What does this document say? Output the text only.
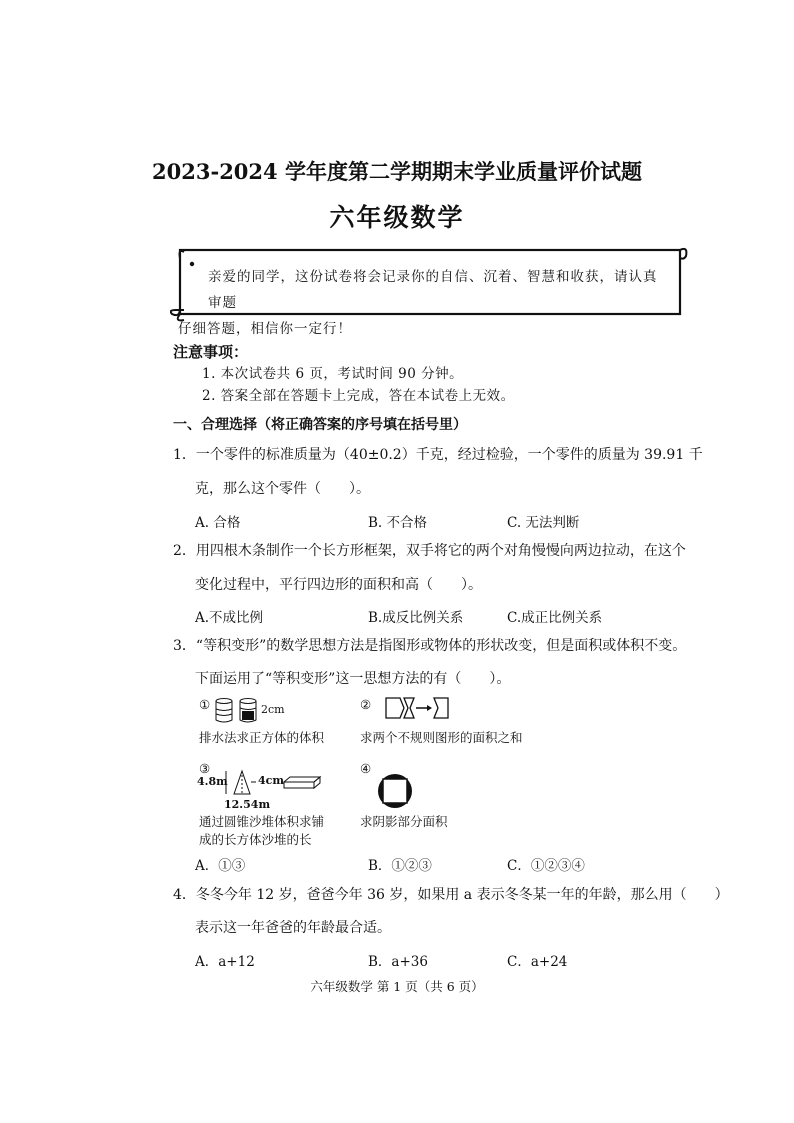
2023-2024 学年度第二学期期末学业质量评价试题
六年级数学
亲爱的同学，这份试卷将会记录你的自信、沉着、智慧和收获，请认真审题
仔细答题，相信你一定行！
注意事项：
1. 本次试卷共 6 页，考试时间 90 分钟。
2. 答案全部在答题卡上完成，答在本试卷上无效。
一、合理选择（将正确答案的序号填在括号里）
1．一个零件的标准质量为（40±0.2）千克，经过检验，一个零件的质量为 39.91 千
克，那么这个零件（　　）。
A. 合格	B. 不合格	C. 无法判断
2．用四根木条制作一个长方形框架，双手将它的两个对角慢慢向两边拉动，在这个
变化过程中，平行四边形的面积和高（　　）。
A.不成比例	B.成反比例关系	C.成正比例关系
3．“等积变形”的数学思想方法是指图形或物体的形状改变，但是面积或体积不变。
下面运用了“等积变形”这一思想方法的有（　　）。
①	2cm
排水法求正方体的体积
②
求两个不规则图形的面积之和
③
4.8m	4cm
12.54m
通过圆锥沙堆体积求铺
成的长方体沙堆的长
④
求阴影部分面积
A．①③	B．①②③	C．①②③④
4．冬冬今年 12 岁，爸爸今年 36 岁，如果用 a 表示冬冬某一年的年龄，那么用（　　）
表示这一年爸爸的年龄最合适。
A．a+12	B．a+36	C．a+24
六年级数学 第 1 页（共 6 页）
